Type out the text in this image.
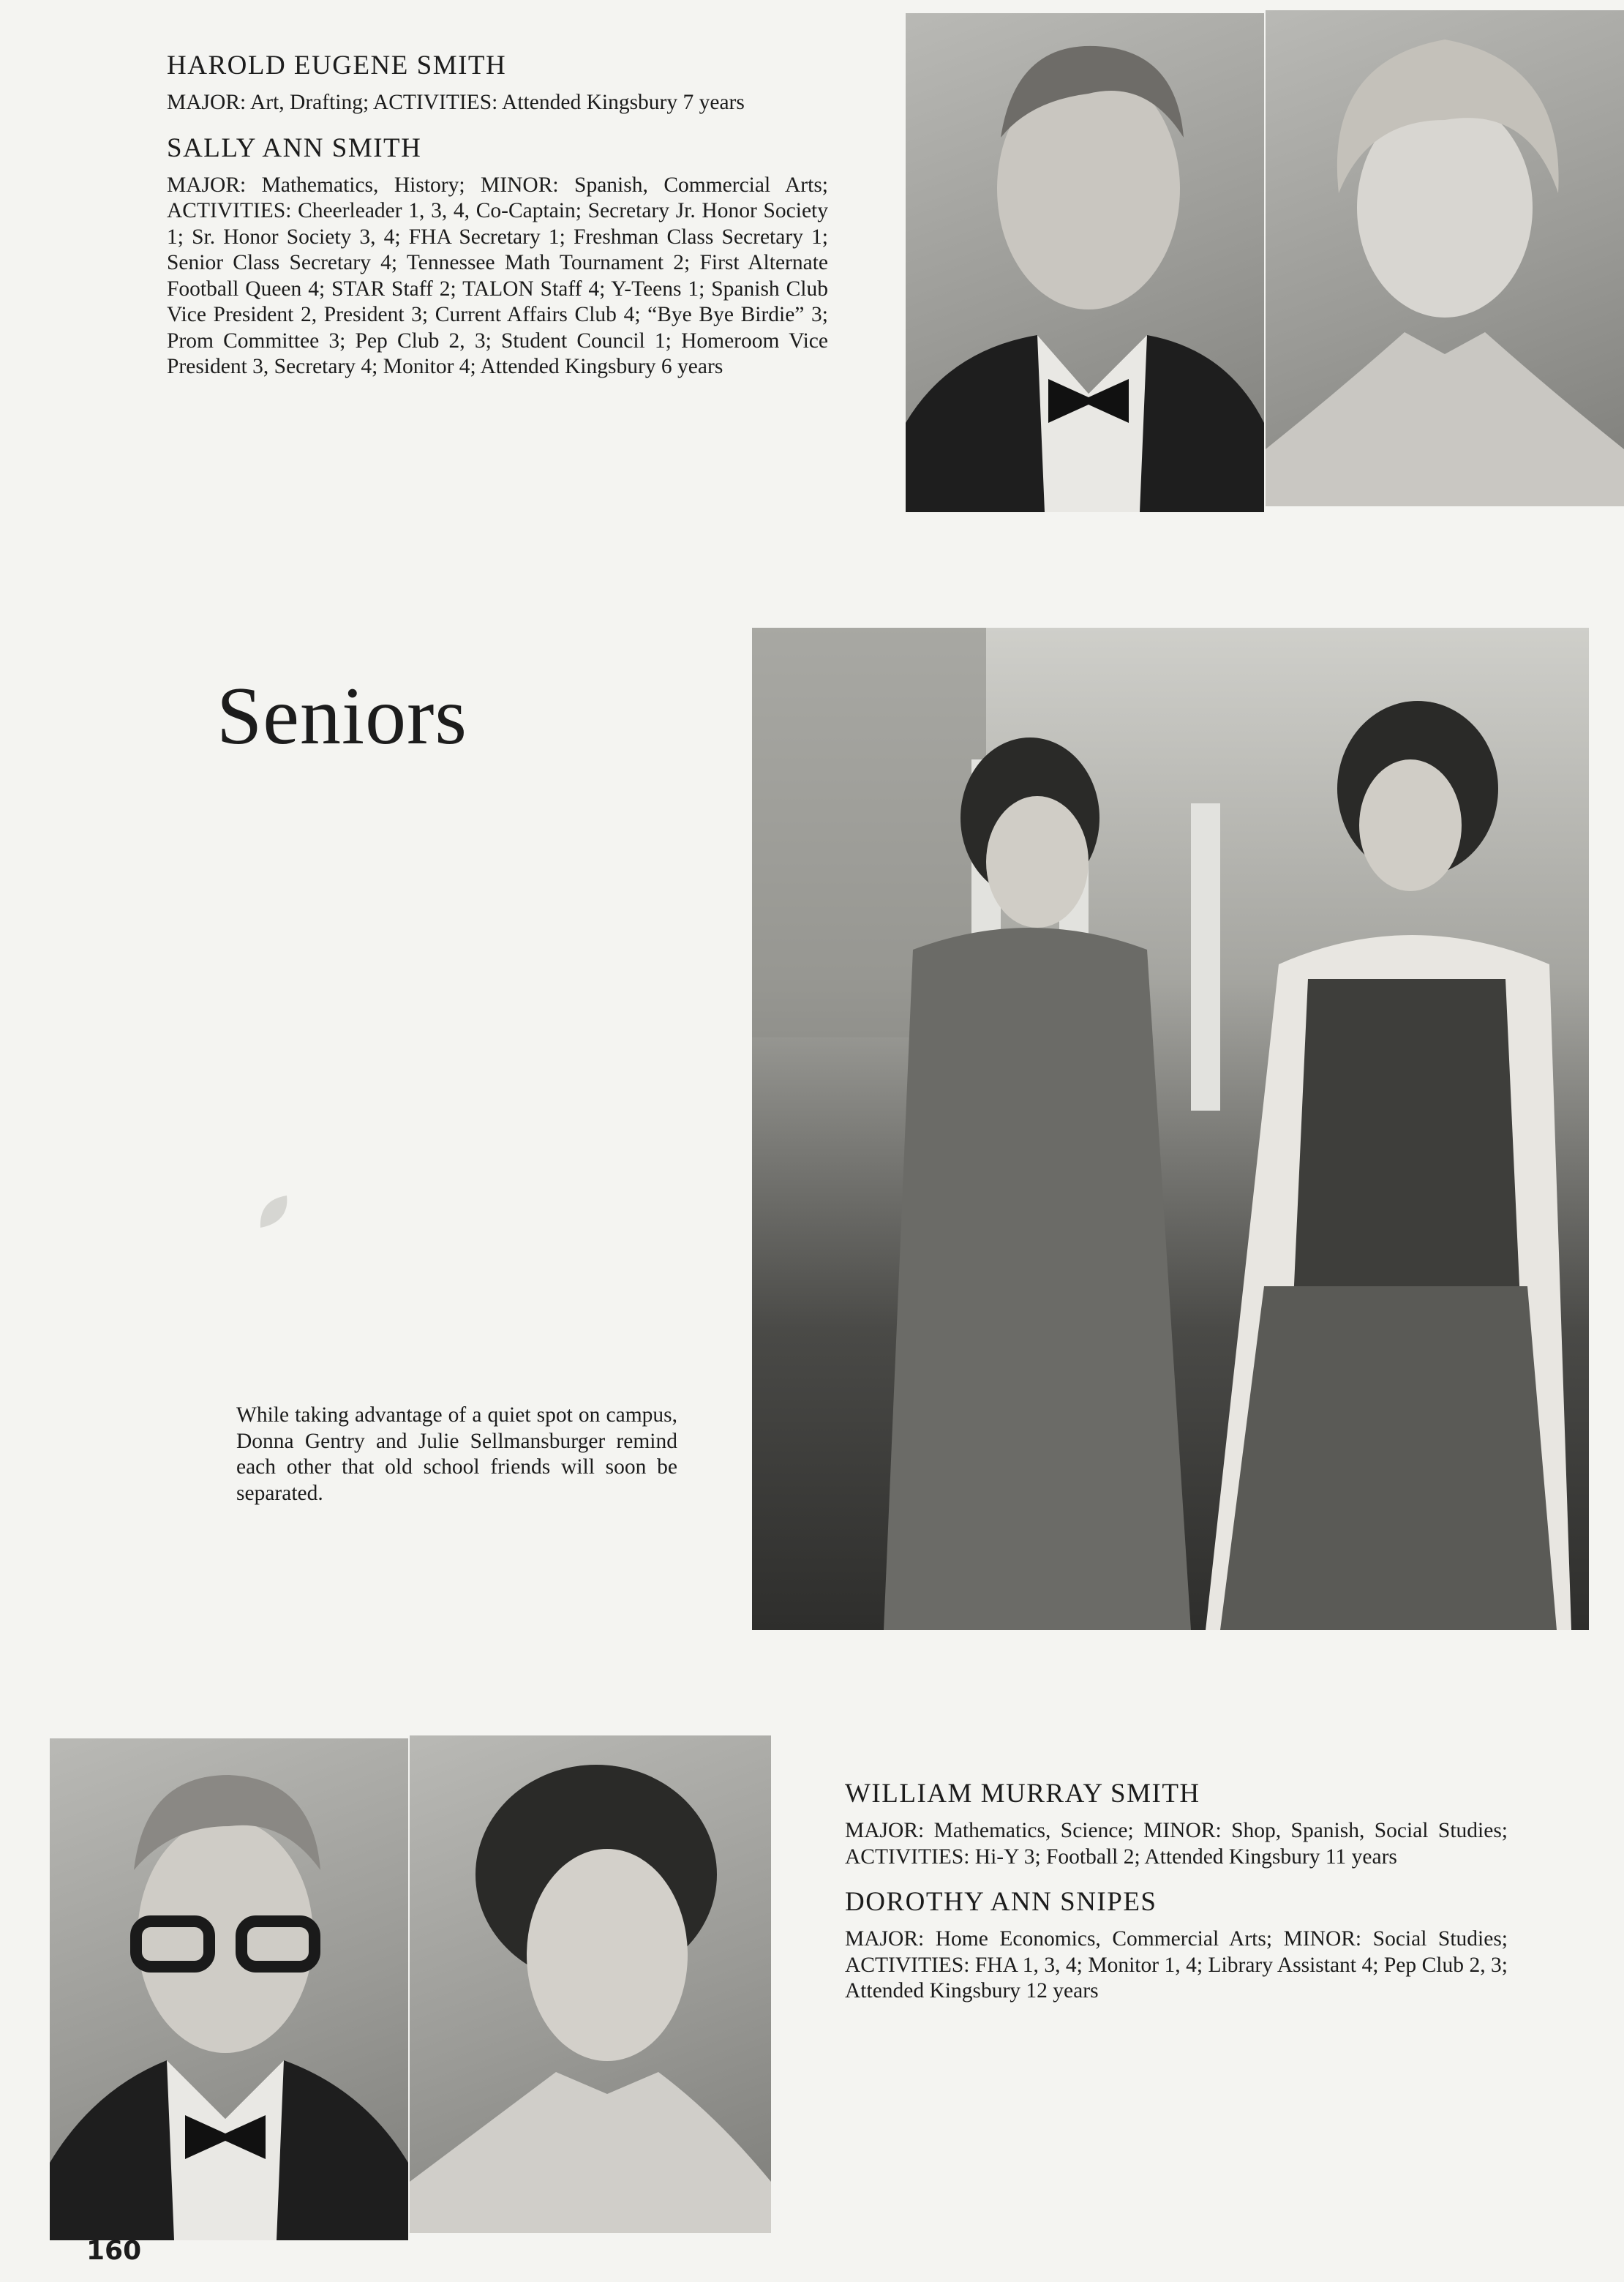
HAROLD EUGENE SMITH

MAJOR: Art, Drafting; ACTIVITIES: Attended Kingsbury 7 years

SALLY ANN SMITH

MAJOR: Mathematics, History; MINOR: Spanish, Commercial Arts; ACTIVITIES: Cheerleader 1, 3, 4, Co-Captain; Secretary Jr. Honor Society 1; Sr. Honor Society 3, 4; FHA Secretary 1; Freshman Class Secretary 1; Senior Class Secretary 4; Tennessee Math Tournament 2; First Alternate Football Queen 4; STAR Staff 2; TALON Staff 4; Y-Teens 1; Spanish Club Vice President 2, President 3; Current Affairs Club 4; “Bye Bye Birdie” 3; Prom Committee 3; Pep Club 2, 3; Student Council 1; Homeroom Vice President 3, Secretary 4; Monitor 4; Attended Kingsbury 6 years

Seniors

While taking advantage of a quiet spot on campus, Donna Gentry and Julie Sellmansburger remind each other that old school friends will soon be separated.

WILLIAM MURRAY SMITH

MAJOR: Mathematics, Science; MINOR: Shop, Spanish, Social Studies; ACTIVITIES: Hi-Y 3; Football 2; Attended Kingsbury 11 years

DOROTHY ANN SNIPES

MAJOR: Home Economics, Commercial Arts; MINOR: Social Studies; ACTIVITIES: FHA 1, 3, 4; Monitor 1, 4; Library Assistant 4; Pep Club 2, 3; Attended Kingsbury 12 years

160
